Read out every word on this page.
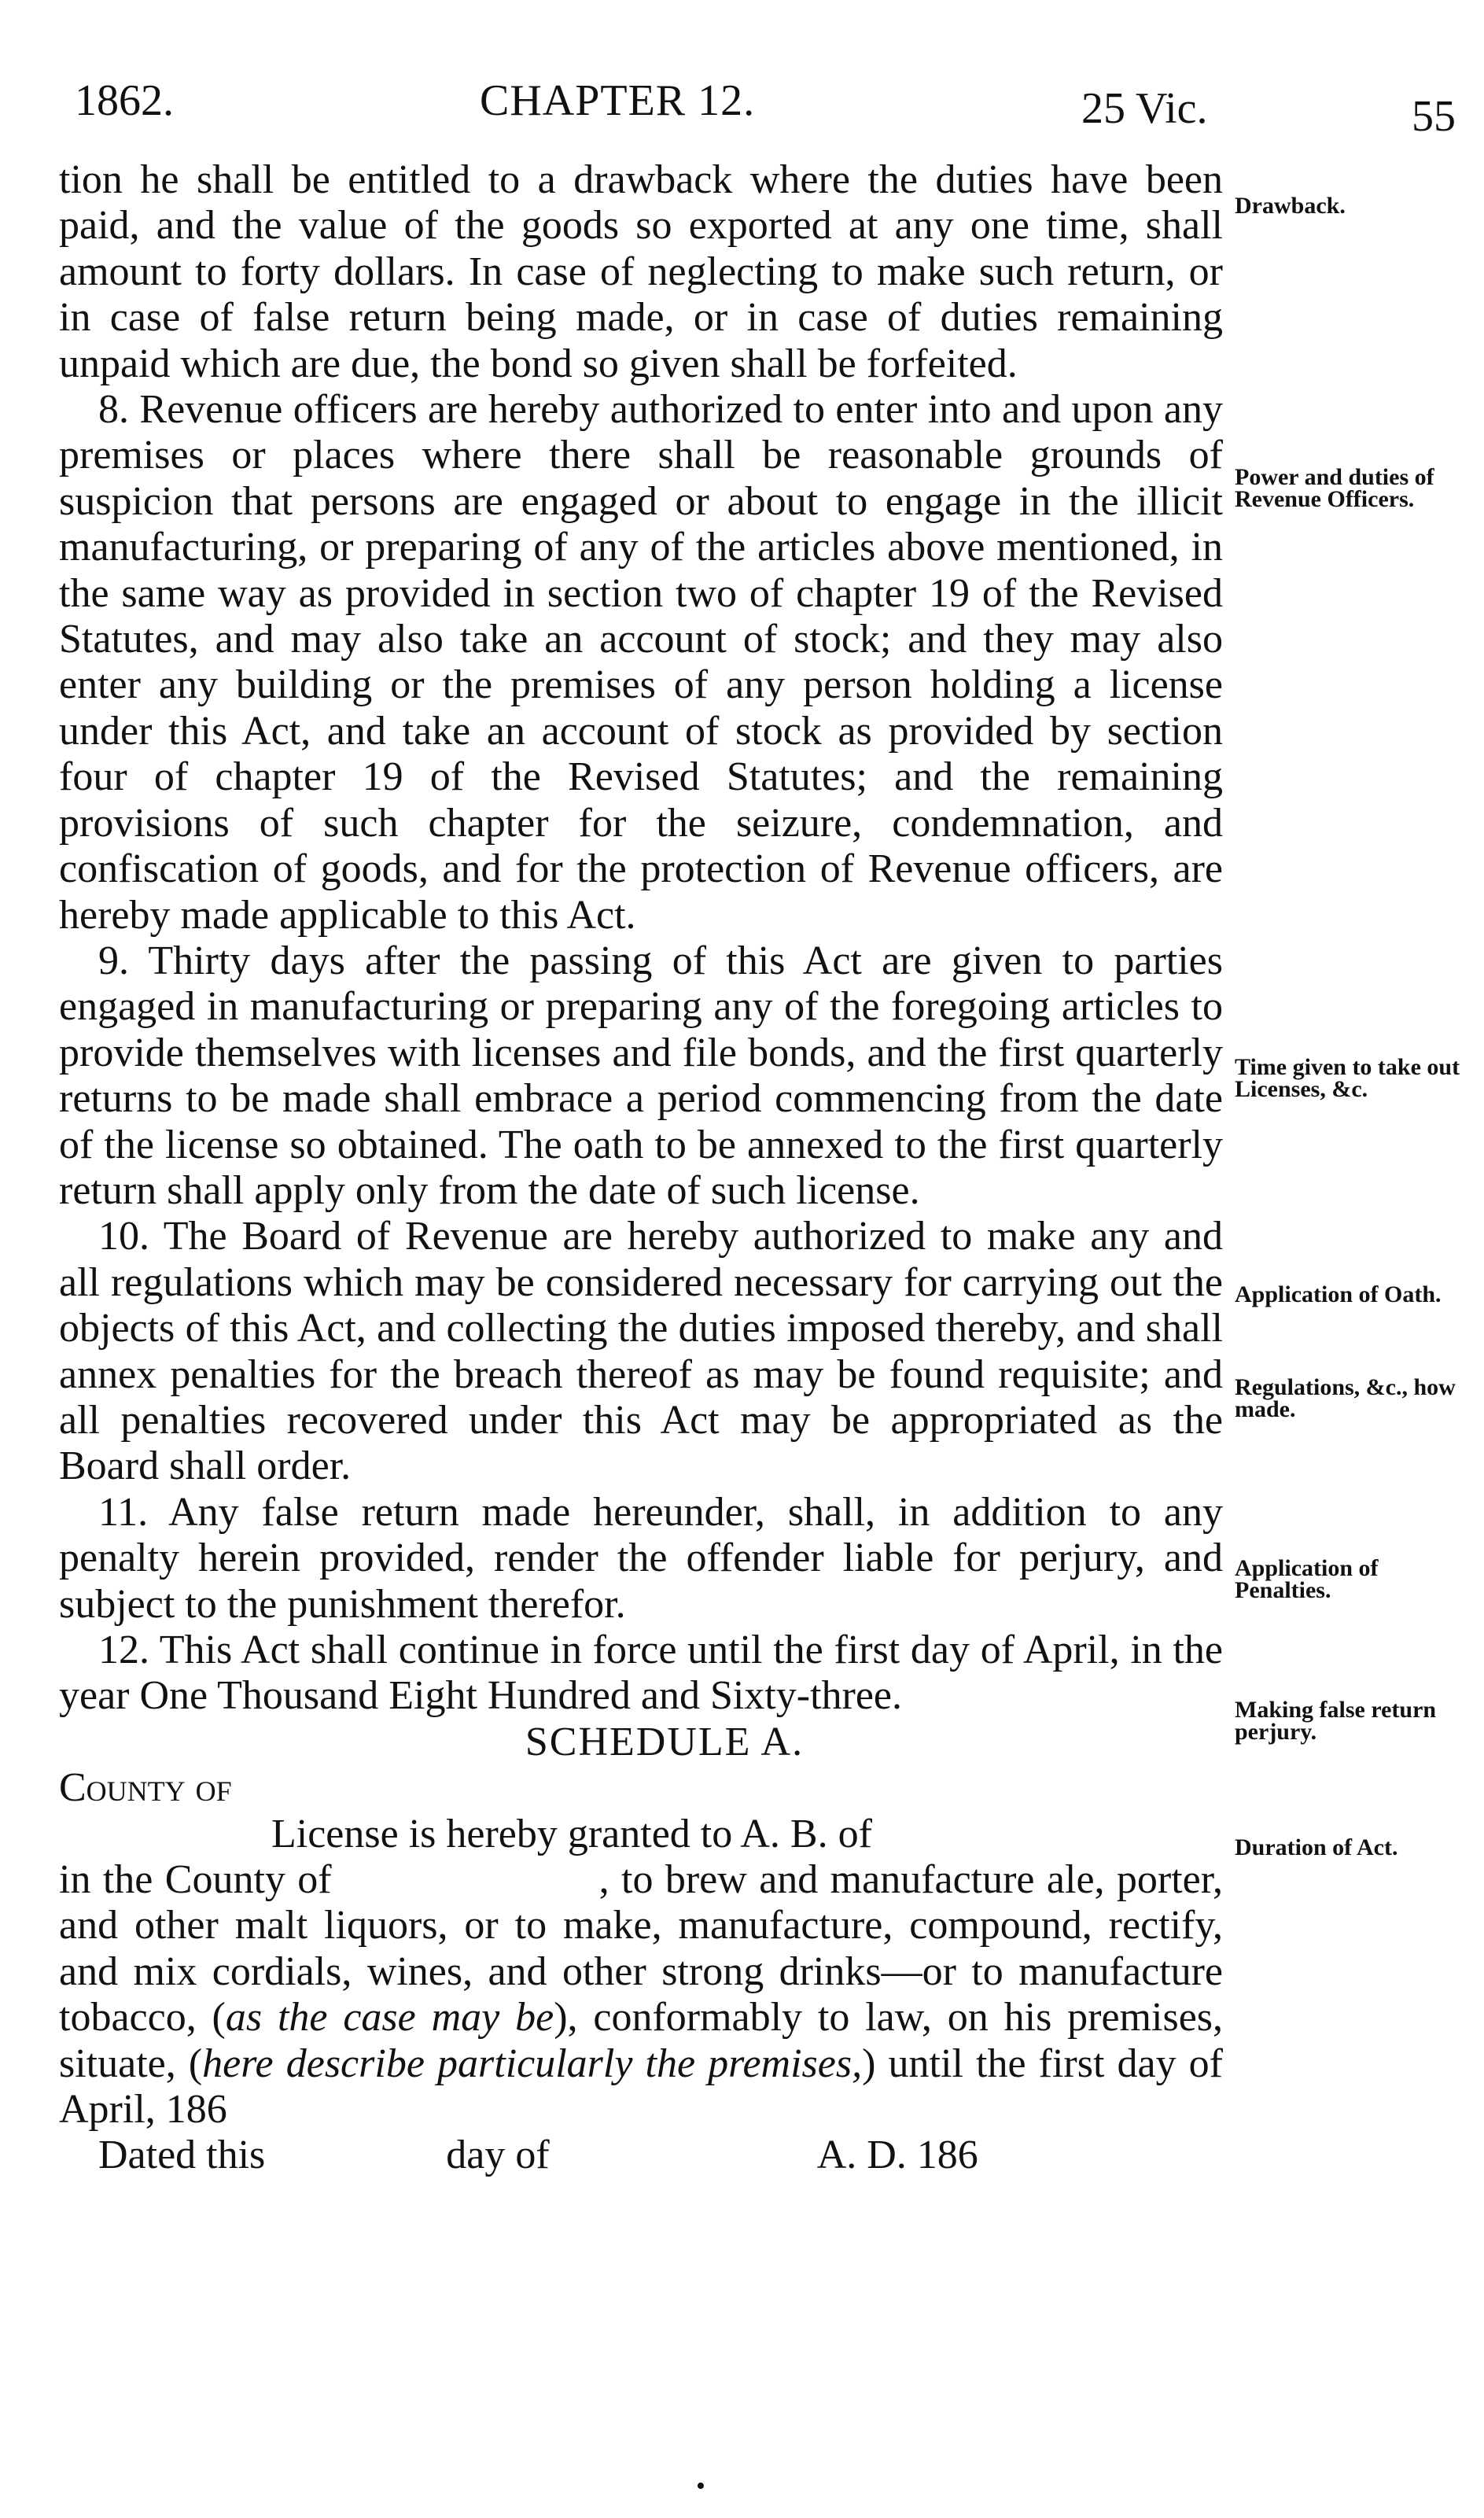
1862.	CHAPTER 12.	25 Vic.	55

tion he shall be entitled to a drawback where the duties have been paid, and the value of the goods so exported at any one time, shall amount to forty dollars. In case of neglecting to make such return, or in case of false return being made, or in case of duties remaining unpaid which are due, the bond so given shall be forfeited.

8. Revenue officers are hereby authorized to enter into and upon any premises or places where there shall be reasonable grounds of suspicion that persons are engaged or about to engage in the illicit manufacturing, or preparing of any of the articles above mentioned, in the same way as provided in section two of chapter 19 of the Revised Statutes, and may also take an account of stock; and they may also enter any building or the premises of any person holding a license under this Act, and take an account of stock as provided by section four of chapter 19 of the Revised Statutes; and the remaining provisions of such chapter for the seizure, condemnation, and confiscation of goods, and for the protection of Revenue officers, are hereby made applicable to this Act.

9. Thirty days after the passing of this Act are given to parties engaged in manufacturing or preparing any of the foregoing articles to provide themselves with licenses and file bonds, and the first quarterly returns to be made shall embrace a period commencing from the date of the license so obtained. The oath to be annexed to the first quarterly return shall apply only from the date of such license.

10. The Board of Revenue are hereby authorized to make any and all regulations which may be considered necessary for carrying out the objects of this Act, and collecting the duties imposed thereby, and shall annex penalties for the breach thereof as may be found requisite; and all penalties recovered under this Act may be appropriated as the Board shall order.

11. Any false return made hereunder, shall, in addition to any penalty herein provided, render the offender liable for perjury, and subject to the punishment therefor.

12. This Act shall continue in force until the first day of April, in the year One Thousand Eight Hundred and Sixty-three.

SCHEDULE A.

County of

License is hereby granted to A. B. of

in the County of	, to brew and manufacture ale, porter, and other malt liquors, or to make, manufacture, compound, rectify, and mix cordials, wines, and other strong drinks—or to manufacture tobacco, (as the case may be), conformably to law, on his premises, situate, (here describe particularly the premises,) until the first day of April, 186

Dated this	day of	A. D. 186

Drawback.
Power and duties of Revenue Officers.
Time given to take out Licenses, &c.
Application of Oath.
Regulations, &c., how made.
Application of Penalties.
Making false return perjury.
Duration of Act.
•
